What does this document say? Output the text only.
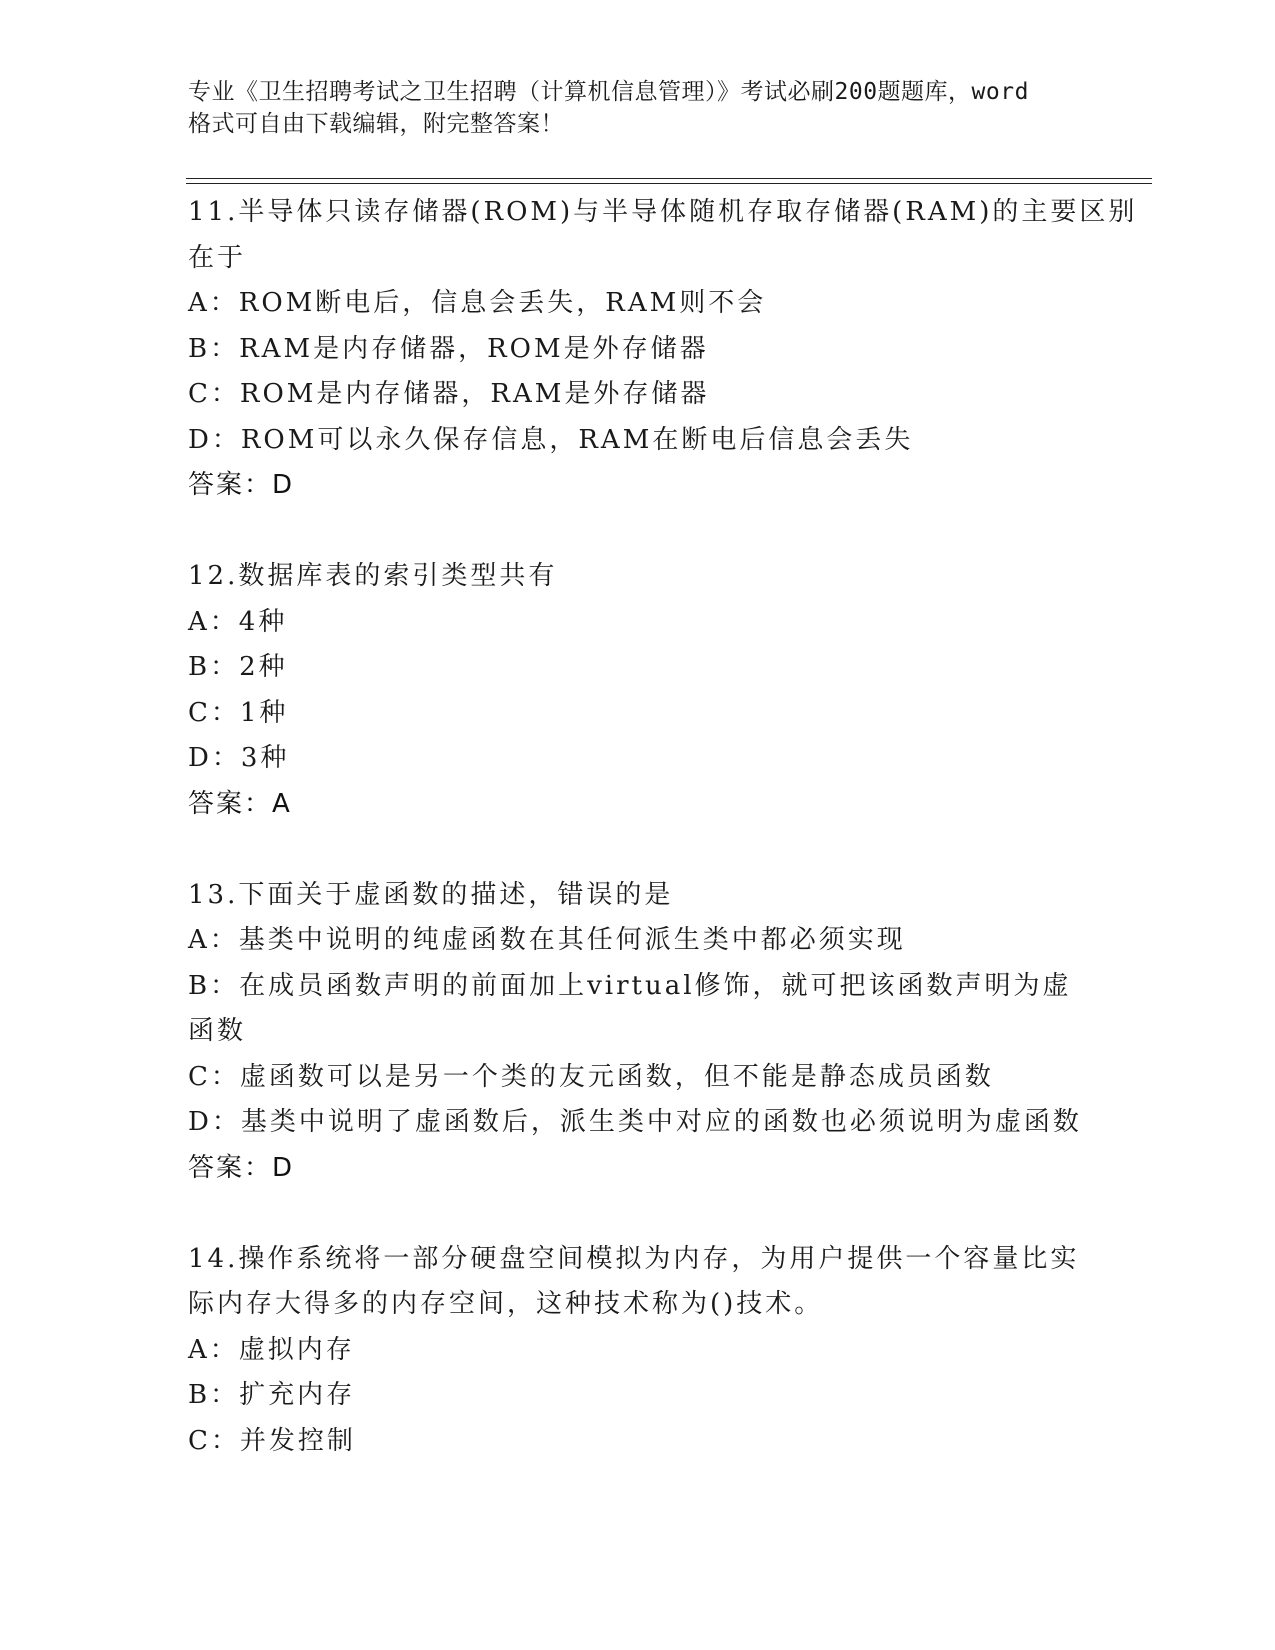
专业《卫生招聘考试之卫生招聘（计算机信息管理）》考试必刷200题题库，word
格式可自由下载编辑，附完整答案！
11.半导体只读存储器(ROM)与半导体随机存取存储器(RAM)的主要区别
在于
A：ROM断电后，信息会丢失，RAM则不会
B：RAM是内存储器，ROM是外存储器
C：ROM是内存储器，RAM是外存储器
D：ROM可以永久保存信息，RAM在断电后信息会丢失
答案：D
12.数据库表的索引类型共有
A：4种
B：2种
C：1种
D：3种
答案：A
13.下面关于虚函数的描述，错误的是
A：基类中说明的纯虚函数在其任何派生类中都必须实现
B：在成员函数声明的前面加上virtual修饰，就可把该函数声明为虚
函数
C：虚函数可以是另一个类的友元函数，但不能是静态成员函数
D：基类中说明了虚函数后，派生类中对应的函数也必须说明为虚函数
答案：D
14.操作系统将一部分硬盘空间模拟为内存，为用户提供一个容量比实
际内存大得多的内存空间，这种技术称为()技术。
A：虚拟内存
B：扩充内存
C：并发控制
